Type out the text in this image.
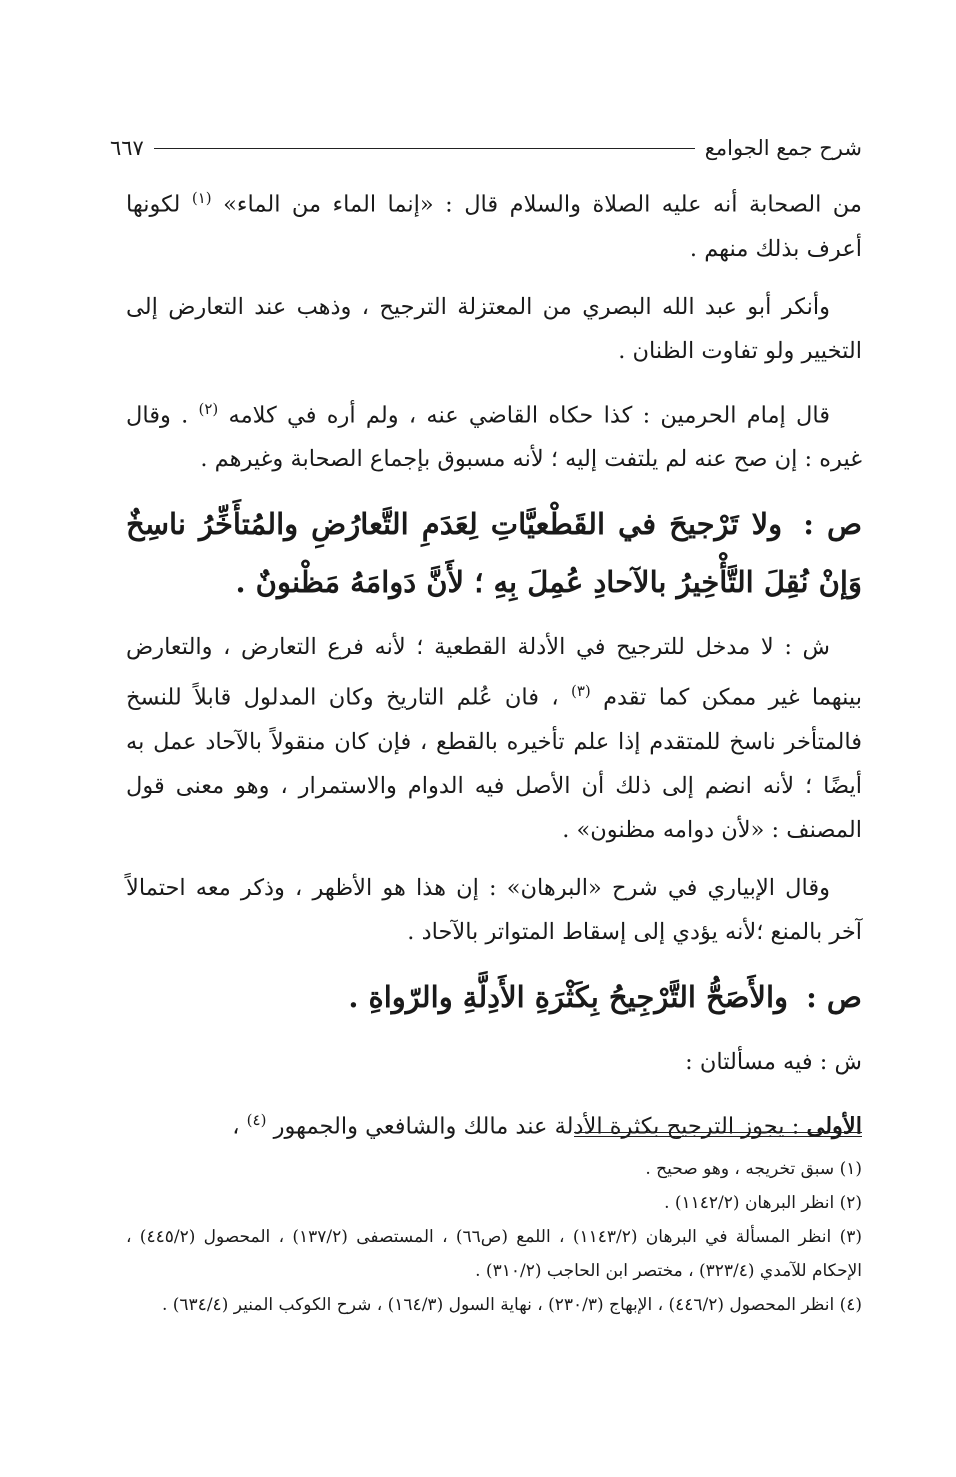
شرح جمع الجوامع
٦٦٧

من الصحابة أنه عليه الصلاة والسلام قال : «إنما الماء من الماء» $^{(١)}$ لكونها أعرف بذلك منهم .

وأنكر أبو عبد الله البصري من المعتزلة الترجيح ، وذهب عند التعارض إلى التخيير ولو تفاوت الظنان .

قال إمام الحرمين : كذا حكاه القاضي عنه ، ولم أره في كلامه $^{(٢)}$ . وقال غيره : إن صح عنه لم يلتفت إليه ؛ لأنه مسبوق بإجماع الصحابة وغيرهم .

ص : ولا تَرْجيحَ في القَطْعيَّاتِ لِعَدَمِ التَّعارُضِ والمُتأَخِّرُ ناسِخٌ وَإنْ نُقِلَ التَّأْخِيرُ بالآحادِ عُمِلَ بِهِ ؛ لأَنَّ دَوامَهُ مَظْنونٌ .

ش : لا مدخل للترجيح في الأدلة القطعية ؛ لأنه فرع التعارض ، والتعارض بينهما غير ممكن كما تقدم $^{(٣)}$ ، فان عُلم التاريخ وكان المدلول قابلاً للنسخ فالمتأخر ناسخ للمتقدم إذا علم تأخيره بالقطع ، فإن كان منقولاً بالآحاد عمل به أيضًا ؛ لأنه انضم إلى ذلك أن الأصل فيه الدوام والاستمرار ، وهو معنى قول المصنف : «لأن دوامه مظنون» .

وقال الإبياري في شرح «البرهان» : إن هذا هو الأظهر ، وذكر معه احتمالاً آخر بالمنع ؛لأنه يؤدي إلى إسقاط المتواتر بالآحاد .

ص : والأَصَحُّ التَّرْجِيحُ بِكَثْرَةِ الأَدِلَّةِ والرّواةِ .

ش : فيه مسألتان :

الأولى : يجوز الترجيح بكثرة الأدلة عند مالك والشافعي والجمهور $^{(٤)}$ ،

(١) سبق تخريجه ، وهو صحيح .

(٢) انظر البرهان (١١٤٢/٢) .

(٣) انظر المسألة في البرهان (١١٤٣/٢) ، اللمع (ص٦٦) ، المستصفى (١٣٧/٢) ، المحصول (٤٤٥/٢) ، الإحكام للآمدي (٣٢٣/٤) ، مختصر ابن الحاجب (٣١٠/٢) .

(٤) انظر المحصول (٤٤٦/٢) ، الإبهاج (٢٣٠/٣) ، نهاية السول (١٦٤/٣) ، شرح الكوكب المنير (٦٣٤/٤) .
